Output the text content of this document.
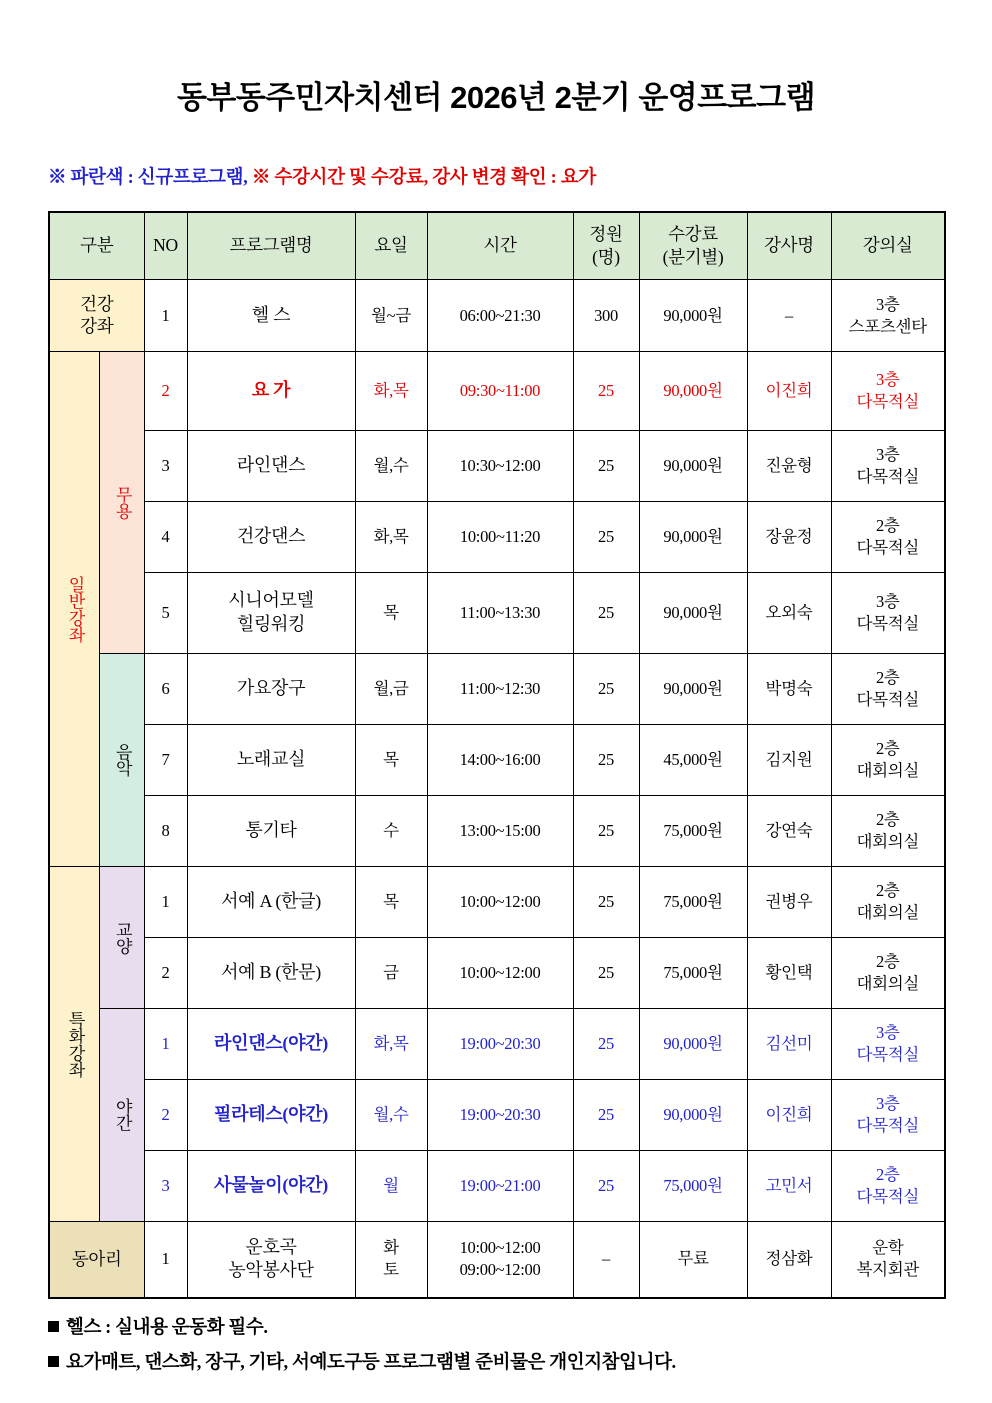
동부동주민자치센터 2026년 2분기 운영프로그램

※ 파란색 : 신규프로그램, ※ 수강시간 및 수강료, 강사 변경 확인 : 요가

구분		NO	프로그램명	요일	시간	정원
(명)	수강료
(분기별)	강사명	강의실
건강강좌		1	헬 스	월~금	06:00~21:30	300	90,000원	–	3층
스포츠센타
일반강좌	무용	2	요 가	화,목	09:30~11:00	25	90,000원	이진희	3층
다목적실
		3	라인댄스	월,수	10:30~12:00	25	90,000원	진윤형	3층
다목적실
		4	건강댄스	화,목	10:00~11:20	25	90,000원	장윤정	2층
다목적실
		5	시니어모델
힐링워킹	목	11:00~13:30	25	90,000원	오외숙	3층
다목적실
	음악	6	가요장구	월,금	11:00~12:30	25	90,000원	박명숙	2층
다목적실
		7	노래교실	목	14:00~16:00	25	45,000원	김지원	2층
대회의실
		8	통기타	수	13:00~15:00	25	75,000원	강연숙	2층
대회의실
특화강좌	교양	1	서예 A (한글)	목	10:00~12:00	25	75,000원	권병우	2층
대회의실
		2	서예 B (한문)	금	10:00~12:00	25	75,000원	황인택	2층
대회의실
	야간	1	라인댄스(야간)	화,목	19:00~20:30	25	90,000원	김선미	3층
다목적실
		2	필라테스(야간)	월,수	19:00~20:30	25	90,000원	이진희	3층
다목적실
		3	사물놀이(야간)	월	19:00~21:00	25	75,000원	고민서	2층
다목적실
동아리		1	운호곡
농악봉사단	화
토	10:00~12:00
09:00~12:00	–	무료	정삼화	운학
복지회관
헬스 : 실내용 운동화 필수.
요가매트, 댄스화, 장구, 기타, 서예도구등 프로그램별 준비물은 개인지참입니다.
